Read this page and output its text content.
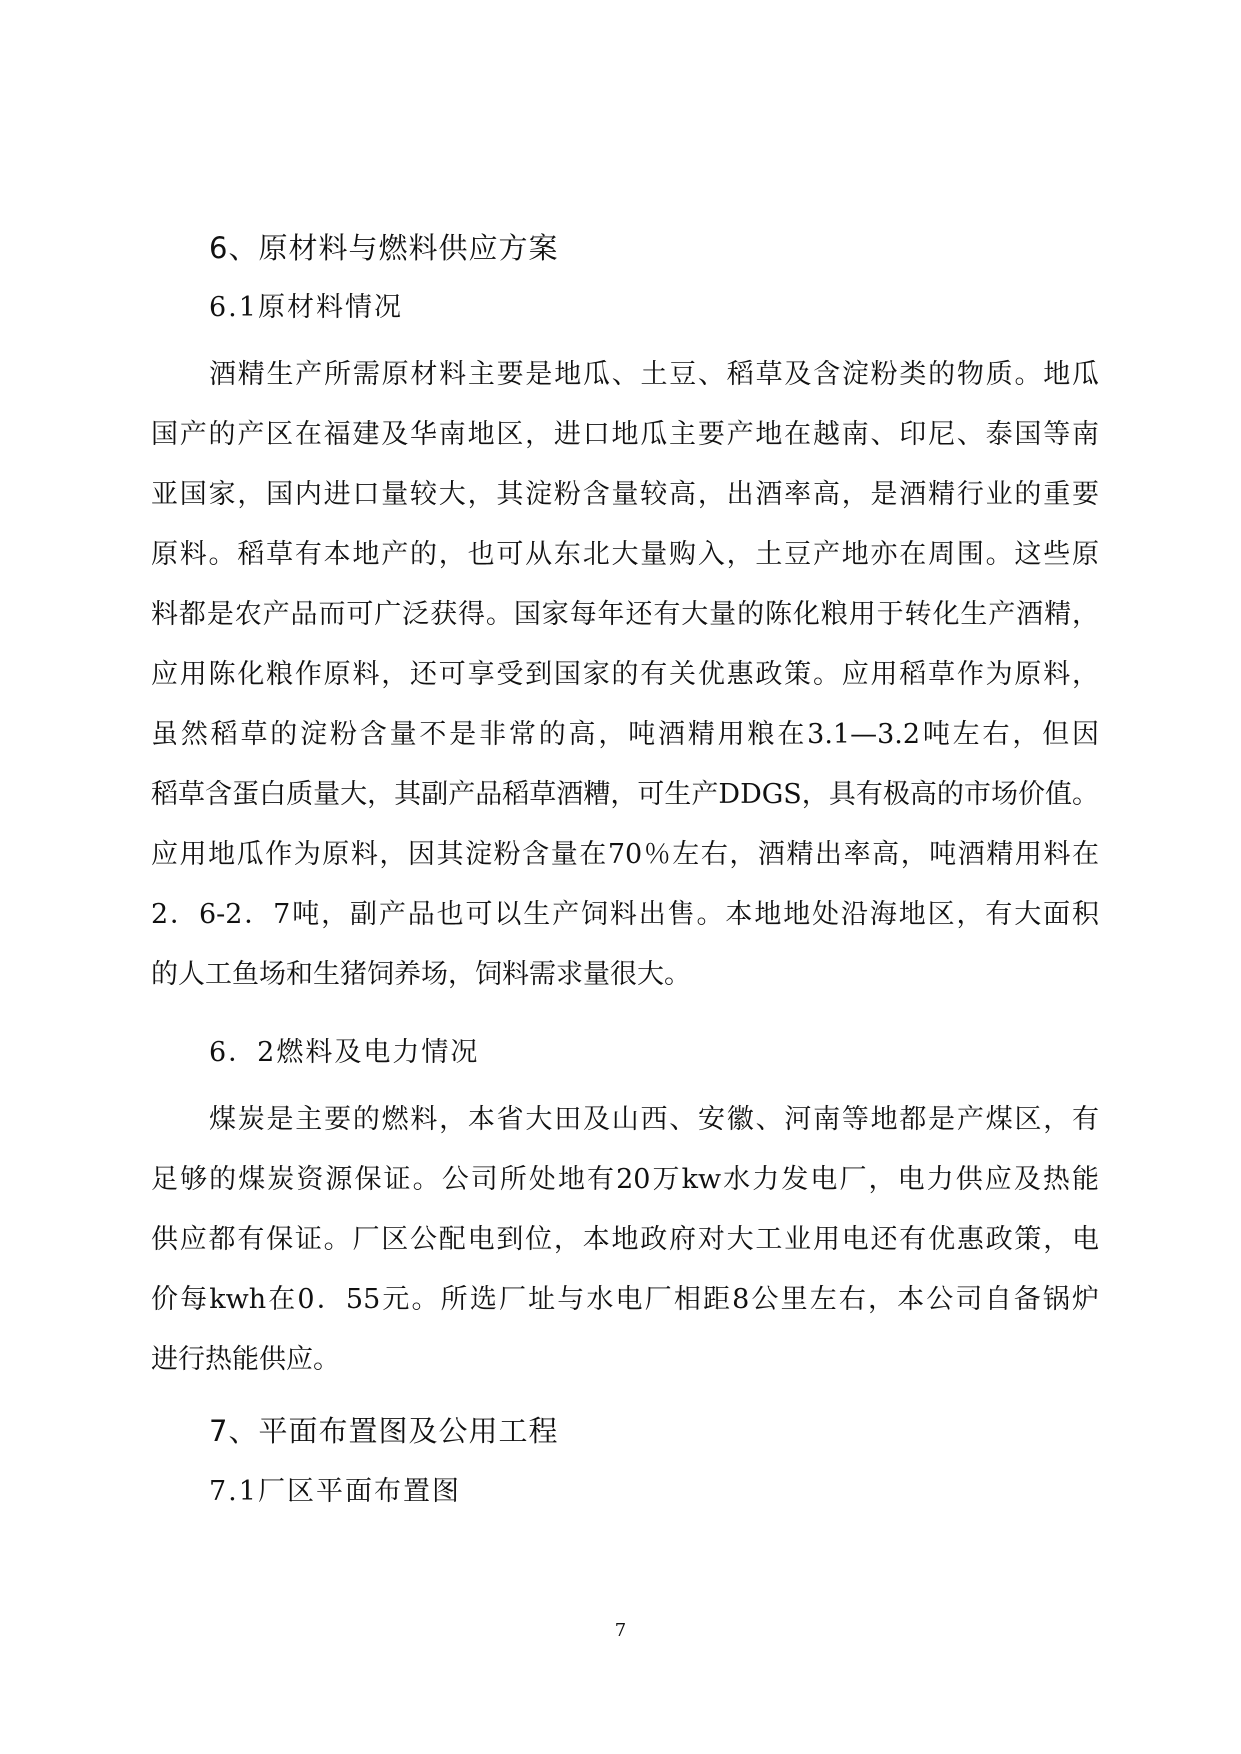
6、原材料与燃料供应方案
6.1原材料情况
酒精生产所需原材料主要是地瓜、土豆、稻草及含淀粉类的物质。地瓜
国产的产区在福建及华南地区，进口地瓜主要产地在越南、印尼、泰国等南
亚国家，国内进口量较大，其淀粉含量较高，出酒率高，是酒精行业的重要
原料。稻草有本地产的，也可从东北大量购入，土豆产地亦在周围。这些原
料都是农产品而可广泛获得。国家每年还有大量的陈化粮用于转化生产酒精，
应用陈化粮作原料，还可享受到国家的有关优惠政策。应用稻草作为原料，
虽然稻草的淀粉含量不是非常的高，吨酒精用粮在3.1—3.2吨左右，但因
稻草含蛋白质量大，其副产品稻草酒糟，可生产DDGS，具有极高的市场价值。
应用地瓜作为原料，因其淀粉含量在70％左右，酒精出率高，吨酒精用料在
2．6-2．7吨，副产品也可以生产饲料出售。本地地处沿海地区，有大面积
的人工鱼场和生猪饲养场，饲料需求量很大。
6．2燃料及电力情况
煤炭是主要的燃料，本省大田及山西、安徽、河南等地都是产煤区，有
足够的煤炭资源保证。公司所处地有20万kw水力发电厂，电力供应及热能
供应都有保证。厂区公配电到位，本地政府对大工业用电还有优惠政策，电
价每kwh在0．55元。所选厂址与水电厂相距8公里左右，本公司自备锅炉
进行热能供应。
7、平面布置图及公用工程
7.1厂区平面布置图
7
